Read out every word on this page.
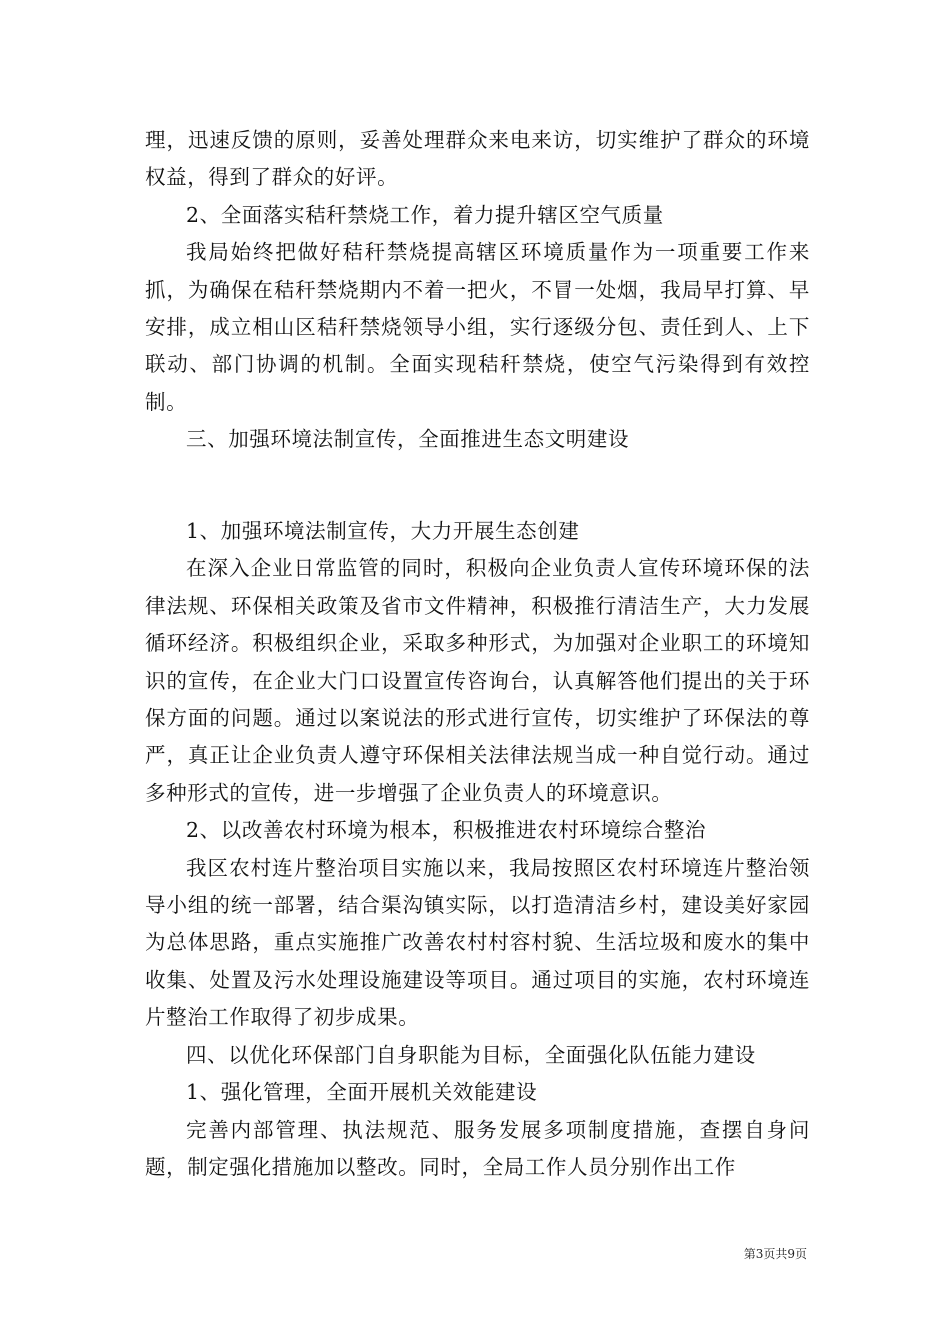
理，迅速反馈的原则，妥善处理群众来电来访，切实维护了群众的环境权益，得到了群众的好评。

2、全面落实秸秆禁烧工作，着力提升辖区空气质量

我局始终把做好秸秆禁烧提高辖区环境质量作为一项重要工作来抓，为确保在秸秆禁烧期内不着一把火，不冒一处烟，我局早打算、早安排，成立相山区秸秆禁烧领导小组，实行逐级分包、责任到人、上下联动、部门协调的机制。全面实现秸秆禁烧，使空气污染得到有效控制。

三、加强环境法制宣传，全面推进生态文明建设

1、加强环境法制宣传，大力开展生态创建

在深入企业日常监管的同时，积极向企业负责人宣传环境环保的法律法规、环保相关政策及省市文件精神，积极推行清洁生产，大力发展循环经济。积极组织企业，采取多种形式，为加强对企业职工的环境知识的宣传，在企业大门口设置宣传咨询台，认真解答他们提出的关于环保方面的问题。通过以案说法的形式进行宣传，切实维护了环保法的尊严，真正让企业负责人遵守环保相关法律法规当成一种自觉行动。通过多种形式的宣传，进一步增强了企业负责人的环境意识。

2、以改善农村环境为根本，积极推进农村环境综合整治

我区农村连片整治项目实施以来，我局按照区农村环境连片整治领导小组的统一部署，结合渠沟镇实际，以打造清洁乡村，建设美好家园为总体思路，重点实施推广改善农村村容村貌、生活垃圾和废水的集中收集、处置及污水处理设施建设等项目。通过项目的实施，农村环境连片整治工作取得了初步成果。

四、以优化环保部门自身职能为目标，全面强化队伍能力建设

1、强化管理，全面开展机关效能建设

完善内部管理、执法规范、服务发展多项制度措施，查摆自身问题，制定强化措施加以整改。同时，全局工作人员分别作出工作

第3页共9页
